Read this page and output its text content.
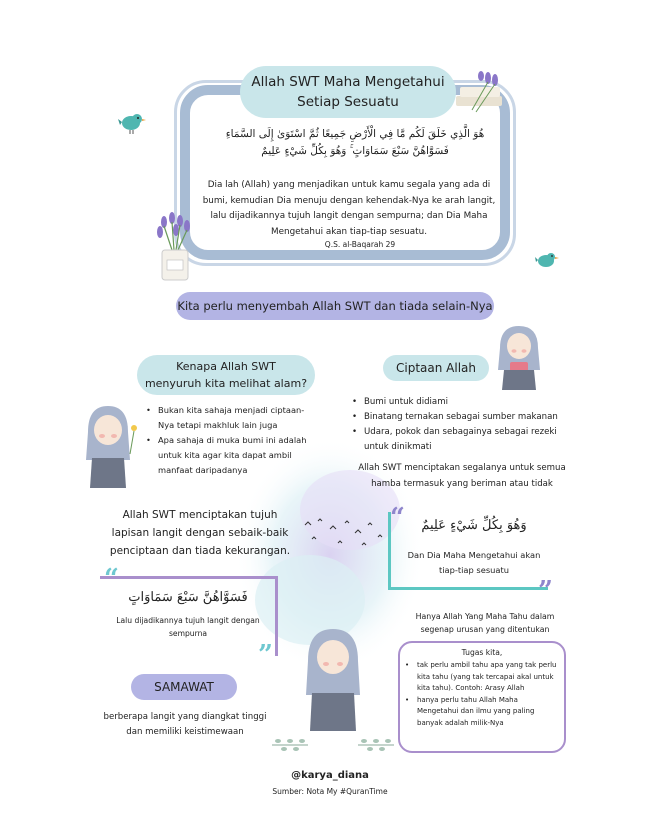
Allah SWT Maha Mengetahui
Setiap Sesuatu
هُوَ الَّذِي خَلَقَ لَكُم مَّا فِي الْأَرْضِ جَمِيعًا ثُمَّ اسْتَوَىٰ إِلَى السَّمَاءِ فَسَوَّاهُنَّ سَبْعَ سَمَاوَاتٍ ۚ وَهُوَ بِكُلِّ شَيْءٍ عَلِيمٌ
Dia lah (Allah) yang menjadikan untuk kamu segala yang ada di bumi, kemudian Dia menuju dengan kehendak-Nya ke arah langit, lalu dijadikannya tujuh langit dengan sempurna; dan Dia Maha Mengetahui akan tiap-tiap sesuatu.
Q.S. al-Baqarah 29
Kita perlu menyembah Allah SWT dan tiada selain-Nya
Kenapa Allah SWT
menyuruh kita melihat alam?
• Bukan kita sahaja menjadi ciptaan-Nya tetapi makhluk lain juga
• Apa sahaja di muka bumi ini adalah untuk kita agar kita dapat ambil manfaat daripadanya
Ciptaan Allah
• Bumi untuk didiami
• Binatang ternakan sebagai sumber makanan
• Udara, pokok dan sebagainya sebagai rezeki untuk dinikmati
Allah SWT menciptakan segalanya untuk semua hamba termasuk yang beriman atau tidak
Allah SWT menciptakan tujuh lapisan langit dengan sebaik-baik penciptaan dan tiada kekurangan.
“	وَهُوَ بِكُلِّ شَيْءٍ عَلِيمٌ
Dan Dia Maha Mengetahui akan tiap-tiap sesuatu
”
“
فَسَوَّاهُنَّ سَبْعَ سَمَاوَاتٍ
Lalu dijadikannya tujuh langit dengan sempurna
”
Hanya Allah Yang Maha Tahu dalam segenap urusan yang ditentukan
Tugas kita,
• tak perlu ambil tahu apa yang tak perlu kita tahu (yang tak tercapai akal untuk kita tahu). Contoh: Arasy Allah
• hanya perlu tahu Allah Maha Mengetahui dan ilmu yang paling banyak adalah milik-Nya
SAMAWAT
berberapa langit yang diangkat tinggi dan memiliki keistimewaan
@karya_diana
Sumber: Nota My #QuranTime
